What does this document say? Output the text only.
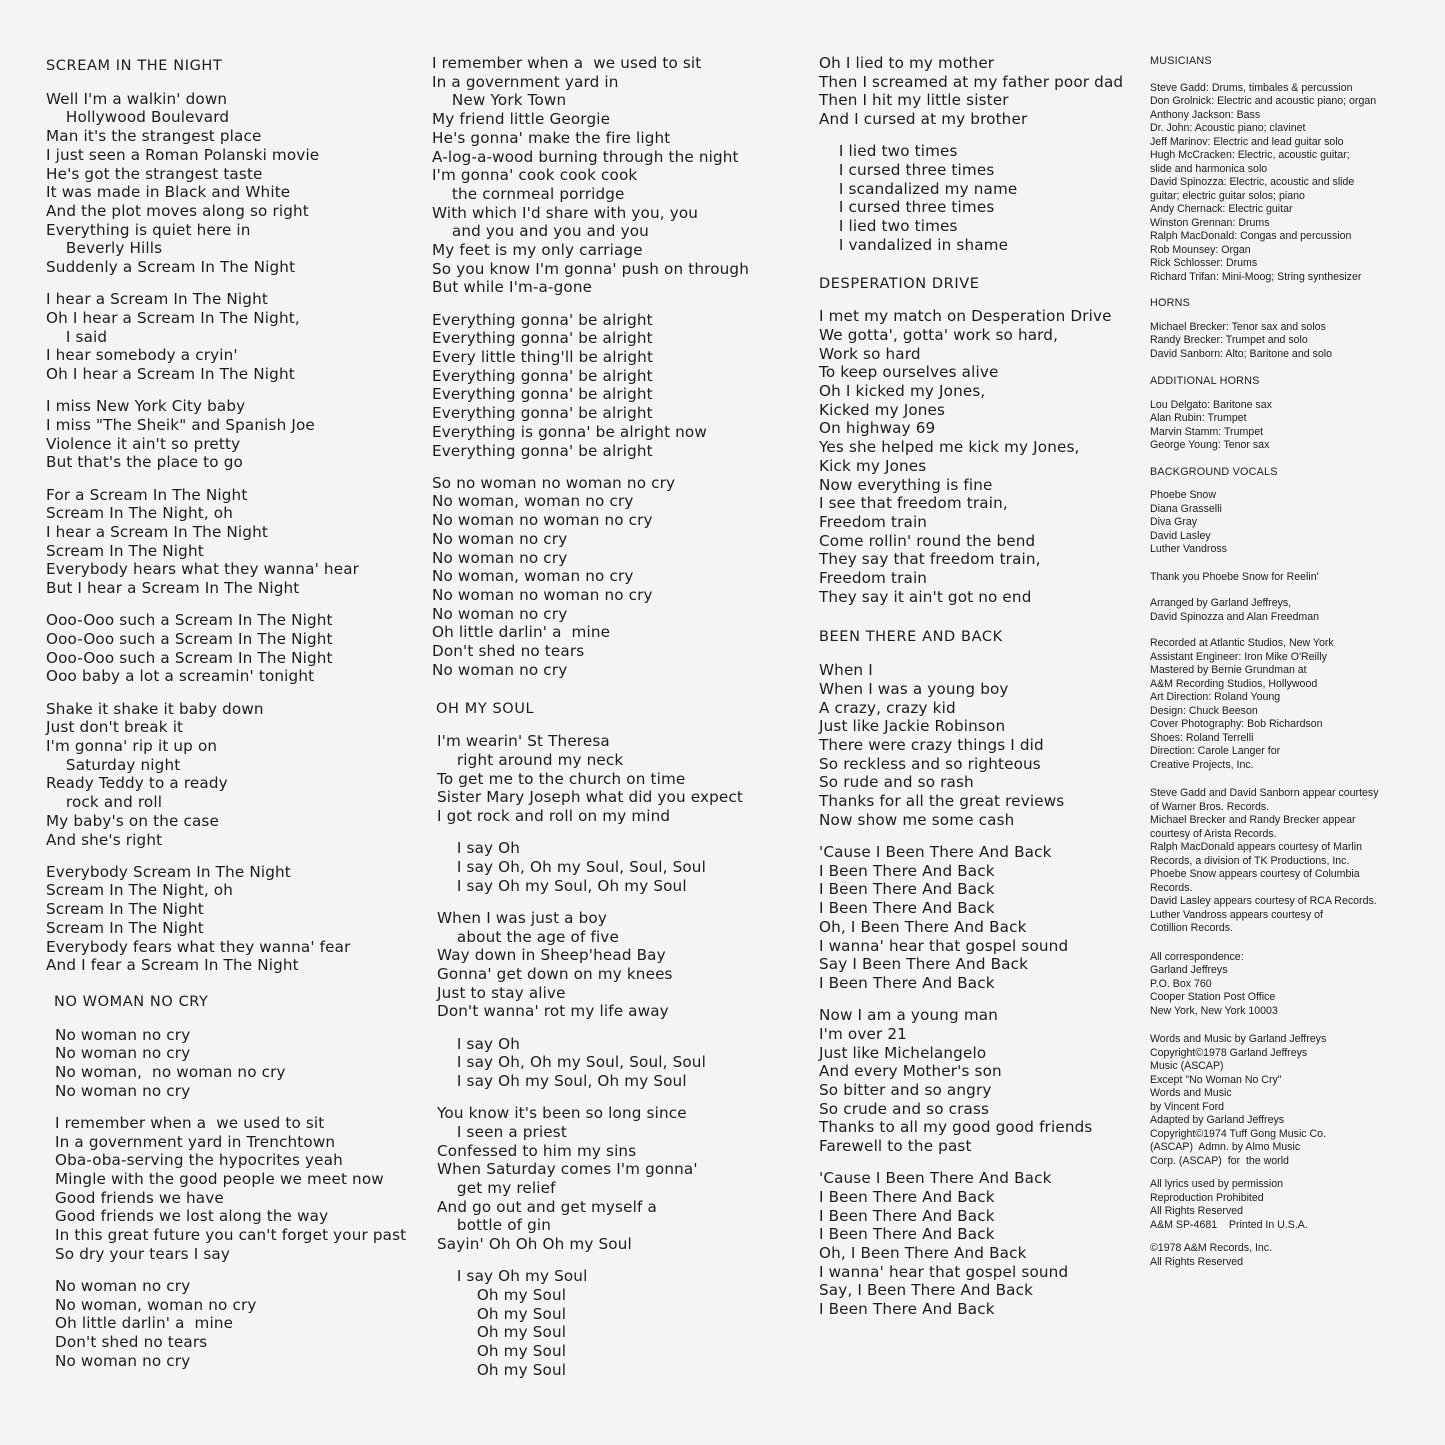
SCREAM IN THE NIGHT
Well I'm a walkin' down
Hollywood Boulevard
Man it's the strangest place
I just seen a Roman Polanski movie
He's got the strangest taste
It was made in Black and White
And the plot moves along so right
Everything is quiet here in
Beverly Hills
Suddenly a Scream In The Night
I hear a Scream In The Night
Oh I hear a Scream In The Night,
I said
I hear somebody a cryin'
Oh I hear a Scream In The Night
I miss New York City baby
I miss "The Sheik" and Spanish Joe
Violence it ain't so pretty
But that's the place to go
For a Scream In The Night
Scream In The Night, oh
I hear a Scream In The Night
Scream In The Night
Everybody hears what they wanna' hear
But I hear a Scream In The Night
Ooo-Ooo such a Scream In The Night
Ooo-Ooo such a Scream In The Night
Ooo-Ooo such a Scream In The Night
Ooo baby a lot a screamin' tonight
Shake it shake it baby down
Just don't break it
I'm gonna' rip it up on
Saturday night
Ready Teddy to a ready
rock and roll
My baby's on the case
And she's right
Everybody Scream In The Night
Scream In The Night, oh
Scream In The Night
Scream In The Night
Everybody fears what they wanna' fear
And I fear a Scream In The Night
NO WOMAN NO CRY
No woman no cry
No woman no cry
No woman,  no woman no cry
No woman no cry
I remember when a  we used to sit
In a government yard in Trenchtown
Oba-oba-serving the hypocrites yeah
Mingle with the good people we meet now
Good friends we have
Good friends we lost along the way
In this great future you can't forget your past
So dry your tears I say
No woman no cry
No woman, woman no cry
Oh little darlin' a  mine
Don't shed no tears
No woman no cry
I remember when a  we used to sit
In a government yard in
New York Town
My friend little Georgie
He's gonna' make the fire light
A-log-a-wood burning through the night
I'm gonna' cook cook cook
the cornmeal porridge
With which I'd share with you, you
and you and you and you
My feet is my only carriage
So you know I'm gonna' push on through
But while I'm-a-gone
Everything gonna' be alright
Everything gonna' be alright
Every little thing'll be alright
Everything gonna' be alright
Everything gonna' be alright
Everything gonna' be alright
Everything is gonna' be alright now
Everything gonna' be alright
So no woman no woman no cry
No woman, woman no cry
No woman no woman no cry
No woman no cry
No woman no cry
No woman, woman no cry
No woman no woman no cry
No woman no cry
Oh little darlin' a  mine
Don't shed no tears
No woman no cry
OH MY SOUL
I'm wearin' St Theresa
right around my neck
To get me to the church on time
Sister Mary Joseph what did you expect
I got rock and roll on my mind
I say Oh
I say Oh, Oh my Soul, Soul, Soul
I say Oh my Soul, Oh my Soul
When I was just a boy
about the age of five
Way down in Sheep'head Bay
Gonna' get down on my knees
Just to stay alive
Don't wanna' rot my life away
I say Oh
I say Oh, Oh my Soul, Soul, Soul
I say Oh my Soul, Oh my Soul
You know it's been so long since
I seen a priest
Confessed to him my sins
When Saturday comes I'm gonna'
get my relief
And go out and get myself a
bottle of gin
Sayin' Oh Oh Oh my Soul
I say Oh my Soul
Oh my Soul
Oh my Soul
Oh my Soul
Oh my Soul
Oh my Soul
Oh I lied to my mother
Then I screamed at my father poor dad
Then I hit my little sister
And I cursed at my brother
I lied two times
I cursed three times
I scandalized my name
I cursed three times
I lied two times
I vandalized in shame
DESPERATION DRIVE
I met my match on Desperation Drive
We gotta', gotta' work so hard,
Work so hard
To keep ourselves alive
Oh I kicked my Jones,
Kicked my Jones
On highway 69
Yes she helped me kick my Jones,
Kick my Jones
Now everything is fine
I see that freedom train,
Freedom train
Come rollin' round the bend
They say that freedom train,
Freedom train
They say it ain't got no end
BEEN THERE AND BACK
When I
When I was a young boy
A crazy, crazy kid
Just like Jackie Robinson
There were crazy things I did
So reckless and so righteous
So rude and so rash
Thanks for all the great reviews
Now show me some cash
'Cause I Been There And Back
I Been There And Back
I Been There And Back
I Been There And Back
Oh, I Been There And Back
I wanna' hear that gospel sound
Say I Been There And Back
I Been There And Back
Now I am a young man
I'm over 21
Just like Michelangelo
And every Mother's son
So bitter and so angry
So crude and so crass
Thanks to all my good good friends
Farewell to the past
'Cause I Been There And Back
I Been There And Back
I Been There And Back
I Been There And Back
Oh, I Been There And Back
I wanna' hear that gospel sound
Say, I Been There And Back
I Been There And Back
MUSICIANS
Steve Gadd: Drums, timbales & percussion
Don Grolnick: Electric and acoustic piano; organ
Anthony Jackson: Bass
Dr. John: Acoustic piano; clavinet
Jeff Marinov: Electric and lead guitar solo
Hugh McCracken: Electric, acoustic guitar;
slide and harmonica solo
David Spinozza: Electric, acoustic and slide
guitar; electric guitar solos; piano
Andy Chernack: Electric guitar
Winston Grennan: Drums
Ralph MacDonald: Congas and percussion
Rob Mounsey: Organ
Rick Schlosser: Drums
Richard Trifan: Mini-Moog; String synthesizer
HORNS
Michael Brecker: Tenor sax and solos
Randy Brecker: Trumpet and solo
David Sanborn: Alto; Baritone and solo
ADDITIONAL HORNS
Lou Delgato: Baritone sax
Alan Rubin: Trumpet
Marvin Stamm: Trumpet
George Young: Tenor sax
BACKGROUND VOCALS
Phoebe Snow
Diana Grasselli
Diva Gray
David Lasley
Luther Vandross
Thank you Phoebe Snow for Reelin'
Arranged by Garland Jeffreys,
David Spinozza and Alan Freedman
Recorded at Atlantic Studios, New York
Assistant Engineer: Iron Mike O'Reilly
Mastered by Bernie Grundman at
A&M Recording Studios, Hollywood
Art Direction: Roland Young
Design: Chuck Beeson
Cover Photography: Bob Richardson
Shoes: Roland Terrelli
Direction: Carole Langer for
Creative Projects, Inc.
Steve Gadd and David Sanborn appear courtesy
of Warner Bros. Records.
Michael Brecker and Randy Brecker appear
courtesy of Arista Records.
Ralph MacDonald appears courtesy of Marlin
Records, a division of TK Productions, Inc.
Phoebe Snow appears courtesy of Columbia
Records.
David Lasley appears courtesy of RCA Records.
Luther Vandross appears courtesy of
Cotillion Records.
All correspondence:
Garland Jeffreys
P.O. Box 760
Cooper Station Post Office
New York, New York 10003
Words and Music by Garland Jeffreys
Copyright©1978 Garland Jeffreys
Music (ASCAP)
Except "No Woman No Cry"
Words and Music
by Vincent Ford
Adapted by Garland Jeffreys
Copyright©1974 Tuff Gong Music Co.
(ASCAP)  Admn. by Almo Music
Corp. (ASCAP)  for  the world
All lyrics used by permission
Reproduction Prohibited
All Rights Reserved
A&M SP-4681    Printed In U.S.A.
©1978 A&M Records, Inc.
All Rights Reserved
